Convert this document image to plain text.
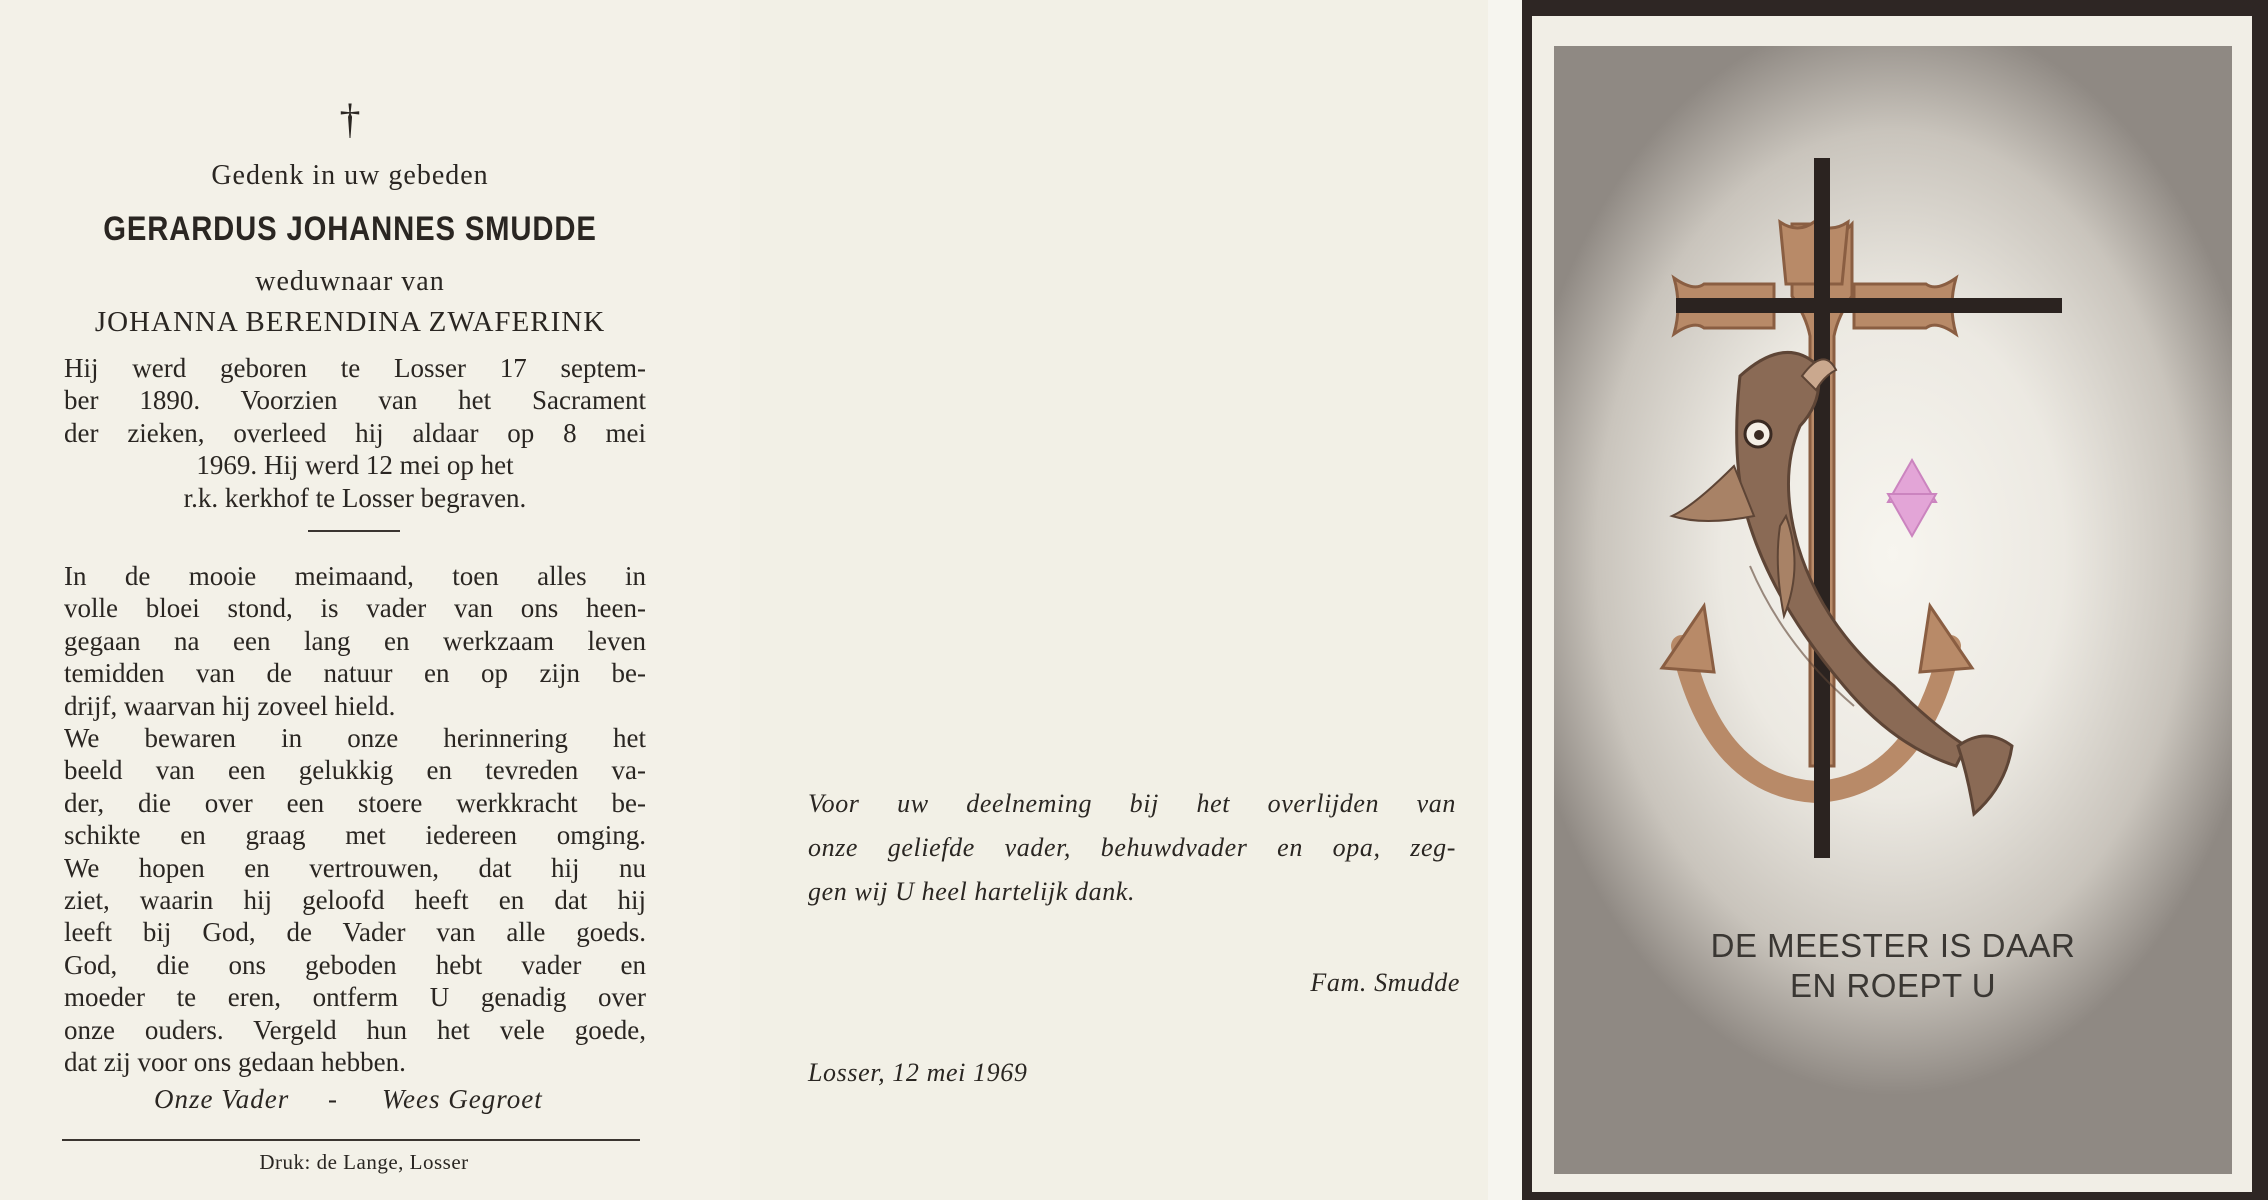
†
Gedenk in uw gebeden
GERARDUS JOHANNES SMUDDE
weduwnaar van
JOHANNA BERENDINA ZWAFERINK
Hij werd geboren te Losser 17 septem-
ber 1890. Voorzien van het Sacrament
der zieken, overleed hij aldaar op 8 mei
1969. Hij werd 12 mei op het
r.k. kerkhof te Losser begraven.
In de mooie meimaand, toen alles in
volle bloei stond, is vader van ons heen-
gegaan na een lang en werkzaam leven
temidden van de natuur en op zijn be-
drijf, waarvan hij zoveel hield.
We bewaren in onze herinnering het
beeld van een gelukkig en tevreden va-
der, die over een stoere werkkracht be-
schikte en graag met iedereen omging.
We hopen en vertrouwen, dat hij nu
ziet, waarin hij geloofd heeft en dat hij
leeft bij God, de Vader van alle goeds.
God, die ons geboden hebt vader en
moeder te eren, ontferm U genadig over
onze ouders. Vergeld hun het vele goede,
dat zij voor ons gedaan hebben.
Onze Vader - Wees Gegroet
Druk: de Lange, Losser
Voor uw deelneming bij het overlijden van
onze geliefde vader, behuwdvader en opa, zeg-
gen wij U heel hartelijk dank.
Fam. Smudde
Losser, 12 mei 1969
DE MEESTER IS DAAR
EN ROEPT U
